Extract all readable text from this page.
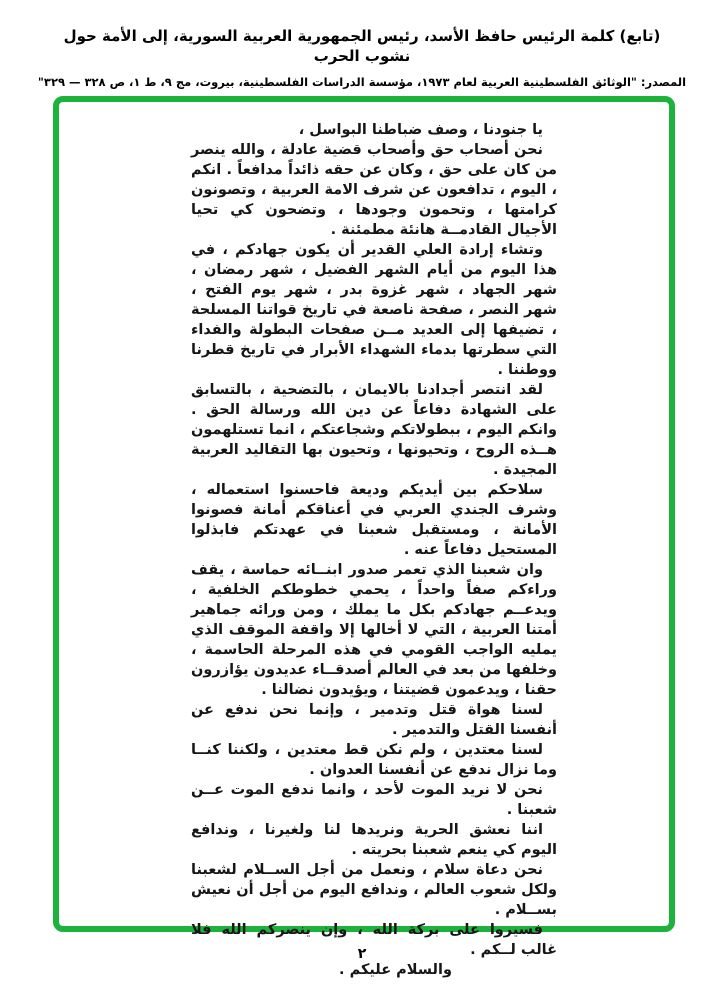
(تابع) كلمة الرئيس حافظ الأسد، رئيس الجمهورية العربية السورية، إلى الأمة حول نشوب الحرب
المصدر: "الوثائق الفلسطينية العربية لعام ١٩٧٣، مؤسسة الدراسات الفلسطينية، بيروت، مج ٩، ط ١، ص ٣٢٨ — ٣٢٩"

يا جنودنا ، وصف ضباطنا البواسل ،

نحن أصحاب حق وأصحاب قضية عادلة ، والله ينصر من كان على حق ، وكان عن حقه ذائداً مدافعاً . انكم ، اليوم ، تدافعون عن شرف الامة العربية ، وتصونون كرامتها ، وتحمون وجودها ، وتضحون كي تحيا الأجيال القادمــة هانئة مطمئنة .

وتشاء إرادة العلي القدير أن يكون جهادكم ، في هذا اليوم من أيام الشهر الفضيل ، شهر رمضان ، شهر الجهاد ، شهر غزوة بدر ، شهر يوم الفتح ، شهر النصر ، صفحة ناصعة في تاريخ قواتنا المسلحة ، تضيفها إلى العديد مــن صفحات البطولة والفداء التي سطرتها بدماء الشهداء الأبرار في تاريخ قطرنا ووطننا .

لقد انتصر أجدادنا بالايمان ، بالتضحية ، بالتسابق على الشهادة دفاعاً عن دين الله ورسالة الحق . وانكم اليوم ، ببطولاتكم وشجاعتكم ، انما تستلهمون هــذه الروح ، وتحيونها ، وتحيون بها التقاليد العربية المجيدة .

سلاحكم بين أيديكم وديعة فاحسنوا استعماله ، وشرف الجندي العربي في أعناقكم أمانة فصونوا الأمانة ، ومستقبل شعبنا في عهدتكم فابذلوا المستحيل دفاعاً عنه .

وان شعبنا الذي تعمر صدور ابنــائه حماسة ، يقف وراءكم صفاً واحداً ، يحمي خطوطكم الخلفية ، ويدعــم جهادكم بكل ما يملك ، ومن ورائه جماهير أمتنا العربية ، التي لا أخالها إلا واقفة الموقف الذي يمليه الواجب القومي في هذه المرحلة الحاسمة ، وخلفها من بعد في العالم أصدقــاء عديدون يؤازرون حقنا ، ويدعمون قضيتنا ، ويؤيدون نضالنا .

لسنا هواة قتل وتدمير ، وإنما نحن ندفع عن أنفسنا القتل والتدمير .

لسنا معتدين ، ولم نكن قط معتدين ، ولكننا كنــا وما نزال ندفع عن أنفسنا العدوان .

نحن لا نريد الموت لأحد ، وانما ندفع الموت عــن شعبنا .

اننا نعشق الحرية ونريدها لنا ولغيرنا ، وندافع اليوم كي ينعم شعبنا بحريته .

نحن دعاة سلام ، ونعمل من أجل الســلام لشعبنا ولكل شعوب العالم ، وندافع اليوم من أجل أن نعيش بســلام .

فسيروا على بركة الله ، وإن ينصركم الله فلا غالب لــكم .

والسلام عليكم .

٢
